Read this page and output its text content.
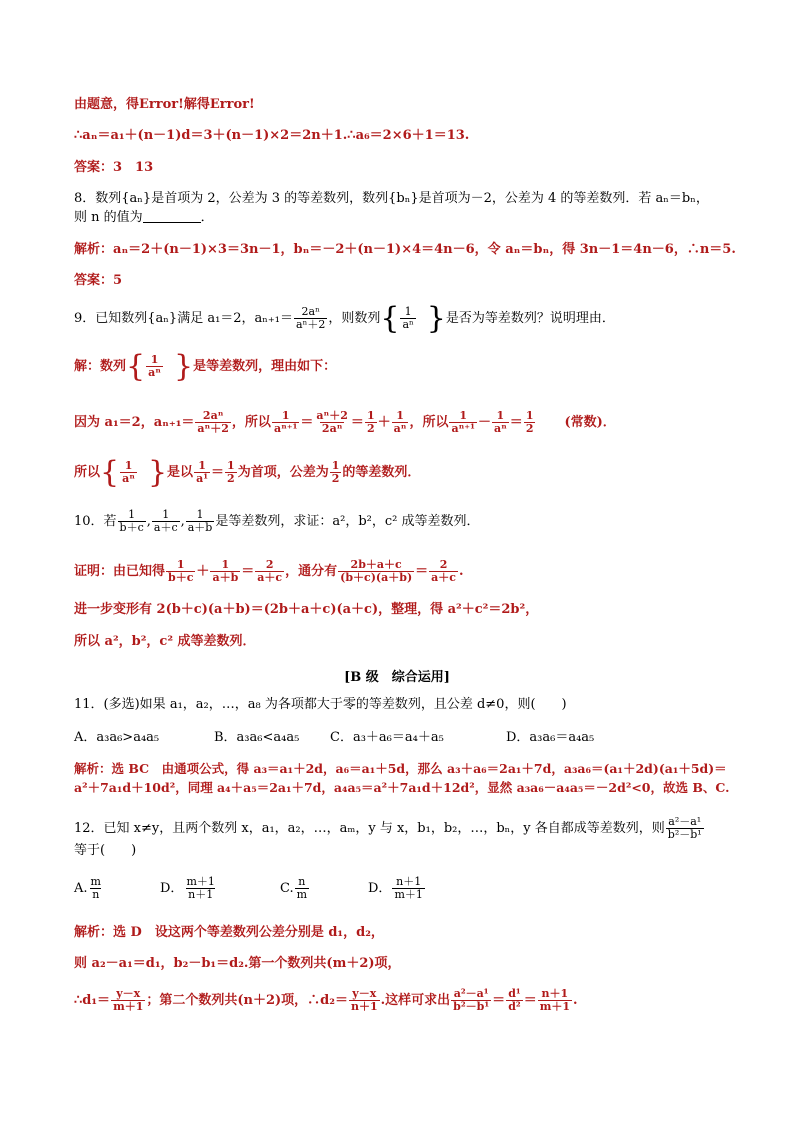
由题意，得Error!解得Error!
∴aₙ＝a₁＋(n－1)d＝3＋(n－1)×2＝2n＋1.∴a₆＝2×6＋1＝13.
答案：3　13
8．数列{aₙ}是首项为 2，公差为 3 的等差数列，数列{bₙ}是首项为－2，公差为 4 的等差数列．若 aₙ＝bₙ，
则 n 的值为	．
解析：aₙ＝2＋(n－1)×3＝3n－1，bₙ＝－2＋(n－1)×4＝4n－6，令 aₙ＝bₙ，得 3n－1＝4n－6，∴n＝5.
答案：5
9．已知数列{aₙ}满足 a₁＝2，$a_{n+1}= \frac{\text{2aⁿ}}{\text{aⁿ＋2}}$ ，则数列{ $\frac{1}{\text{aⁿ}}$ }是否为等差数列？说明理由．
解：数列{ $\frac{1}{\text{aⁿ}}$ }是等差数列，理由如下：
因为 a₁＝2，$a_{n+1}= \frac{\text{2aⁿ}}{\text{aⁿ＋2}}$ ，所以 $\frac{1}{\text{aⁿ⁺¹}} = \frac{\text{aⁿ＋2}}{\text{2aⁿ}} = \frac{1}{2} + \frac{1}{\text{aⁿ}}$ ，所以 $\frac{1}{\text{aⁿ⁺¹}} - \frac{1}{\text{aⁿ}} = \frac{1}{2}$ (常数)．
所以{ $\frac{1}{\text{aⁿ}}$ }是以 $\frac{1}{\text{a¹}} = \frac{1}{2}$ 为首项，公差为 $\frac{1}{2}$ 的等差数列．
10．若 $\frac{1}{b+c}$ , $\frac{1}{a+c}$ , $\frac{1}{a+b}$ 是等差数列，求证：a²，b²，c² 成等差数列．
证明：由已知得 $\frac{1}{b+c} + \frac{1}{a+b} = \frac{2}{a+c}$ ，通分有 $\frac{2b+a+c}{(b+c)(a+b)} = \frac{2}{a+c}$ .
进一步变形有 2(b＋c)(a＋b)＝(2b＋a＋c)(a＋c)，整理，得 a²＋c²＝2b²，
所以 a²，b²，c² 成等差数列．
[B 级　综合运用]
11．(多选)如果 a₁，a₂，…，a₈ 为各项都大于零的等差数列，且公差 d≠0，则(　　)
A．a₃a₆>a₄a₅	B．a₃a₆<a₄a₅ C．a₃＋a₆＝a₄＋a₅	D．a₃a₆＝a₄a₅
解析：选 BC　由通项公式，得 a₃＝a₁＋2d，a₆＝a₁＋5d，那么 a₃＋a₆＝2a₁＋7d，a₃a₆＝(a₁＋2d)(a₁＋5d)＝
a²＋7a₁d＋10d²，同理 a₄＋a₅＝2a₁＋7d，a₄a₅＝a²＋7a₁d＋12d²，显然 a₃a₆－a₄a₅＝－2d²<0，故选 B、C.
12．已知 x≠y，且两个数列 x，a₁，a₂，…，aₘ，y 与 x，b₁，b₂，…，bₙ，y 各自都成等差数列，则 $\frac{\text{a²－a¹}}{\text{b²－b¹}}$
等于(　　)
A. $\frac{m}{n}$	D． $\frac{m+1}{n+1}$	C. $\frac{n}{m}$	D． $\frac{n+1}{m+1}$
解析：选 D　设这两个等差数列公差分别是 d₁，d₂，
则 a₂－a₁＝d₁，b₂－b₁＝d₂.第一个数列共(m＋2)项，
∴d₁＝ $\frac{y-x}{m+1}$ ；第二个数列共(n＋2)项，∴d₂＝ $\frac{y-x}{n+1}$ .这样可求出 $\frac{\text{a²－a¹}}{\text{b²－b¹}} = \frac{\text{d¹}}{\text{d²}} = \frac{n+1}{m+1}$ .
